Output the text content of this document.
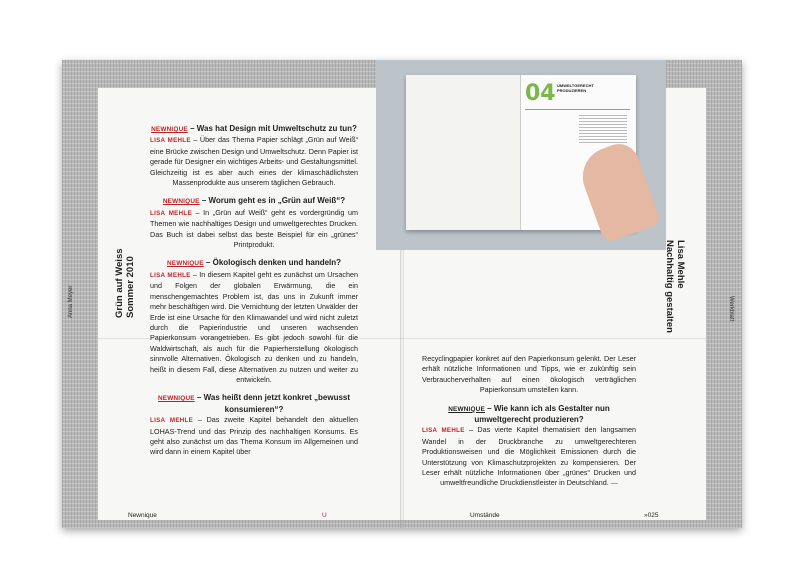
Anna Meyer	Grün auf Weiss Sommer 2010

NEWNIQUE – Was hat Design mit Umweltschutz zu tun?

LISA MEHLE – Über das Thema Papier schlägt „Grün auf Weiß“ eine Brücke zwischen Design und Umweltschutz. Denn Papier ist gerade für Designer ein wichtiges Arbeits- und Gestaltungsmittel. Gleichzeitig ist es aber auch eines der klimaschädlichsten Massenprodukte aus unserem täglichen Gebrauch.

NEWNIQUE – Worum geht es in „Grün auf Weiß“?

LISA MEHLE – In „Grün auf Weiß“ geht es vordergründig um Themen wie nachhaltiges Design und umweltgerechtes Drucken. Das Buch ist dabei selbst das beste Beispiel für ein „grünes“ Printprodukt.

NEWNIQUE – Ökologisch denken und handeln?

LISA MEHLE – In diesem Kapitel geht es zunächst um Ursachen und Folgen der globalen Erwärmung, die ein menschengemachtes Problem ist, das uns in Zukunft immer mehr beschäftigen wird. Die Vernichtung der letzten Urwälder der Erde ist eine Ursache für den Klimawandel und wird nicht zuletzt durch die Papierindustrie und unseren wachsenden Papierkonsum vorangetrieben. Es gibt jedoch sowohl für die Waldwirtschaft, als auch für die Papierherstellung ökologisch sinnvolle Alternativen. Ökologisch zu denken und zu handeln, heißt in diesem Fall, diese Alternativen zu nutzen und weiter zu entwickeln.

NEWNIQUE – Was heißt denn jetzt konkret „bewusst konsumieren“?

LISA MEHLE – Das zweite Kapitel behandelt den aktuellen LOHAS-Trend und das Prinzip des nachhaltigen Konsums. Es geht also zunächst um das Thema Konsum im Allgemeinen und wird dann in einem Kapitel über

04 UMWELTGERECHT
PRODUZIEREN
Lisa Mehle
Nachhaltig gestalten	Werkblatt

Recyclingpapier konkret auf den Papierkonsum gelenkt. Der Leser erhält nützliche Informationen und Tipps, wie er zukünftig sein Verbraucherverhalten auf einen ökologisch verträglichen Papierkonsum umstellen kann.

NEWNIQUE – Wie kann ich als Gestalter nun umweltgerecht produzieren?

LISA MEHLE – Das vierte Kapitel thematisiert den langsamen Wandel in der Druckbranche zu umweltgerechteren Produktionsweisen und die Möglichkeit Emissionen durch die Unterstützung von Klimaschutzprojekten zu kompensieren. Der Leser erhält nützliche Informationen über „grünes“ Drucken und umweltfreundliche Druckdienstleister in Deutschland. —

Newnique	U	Umstände	»025
